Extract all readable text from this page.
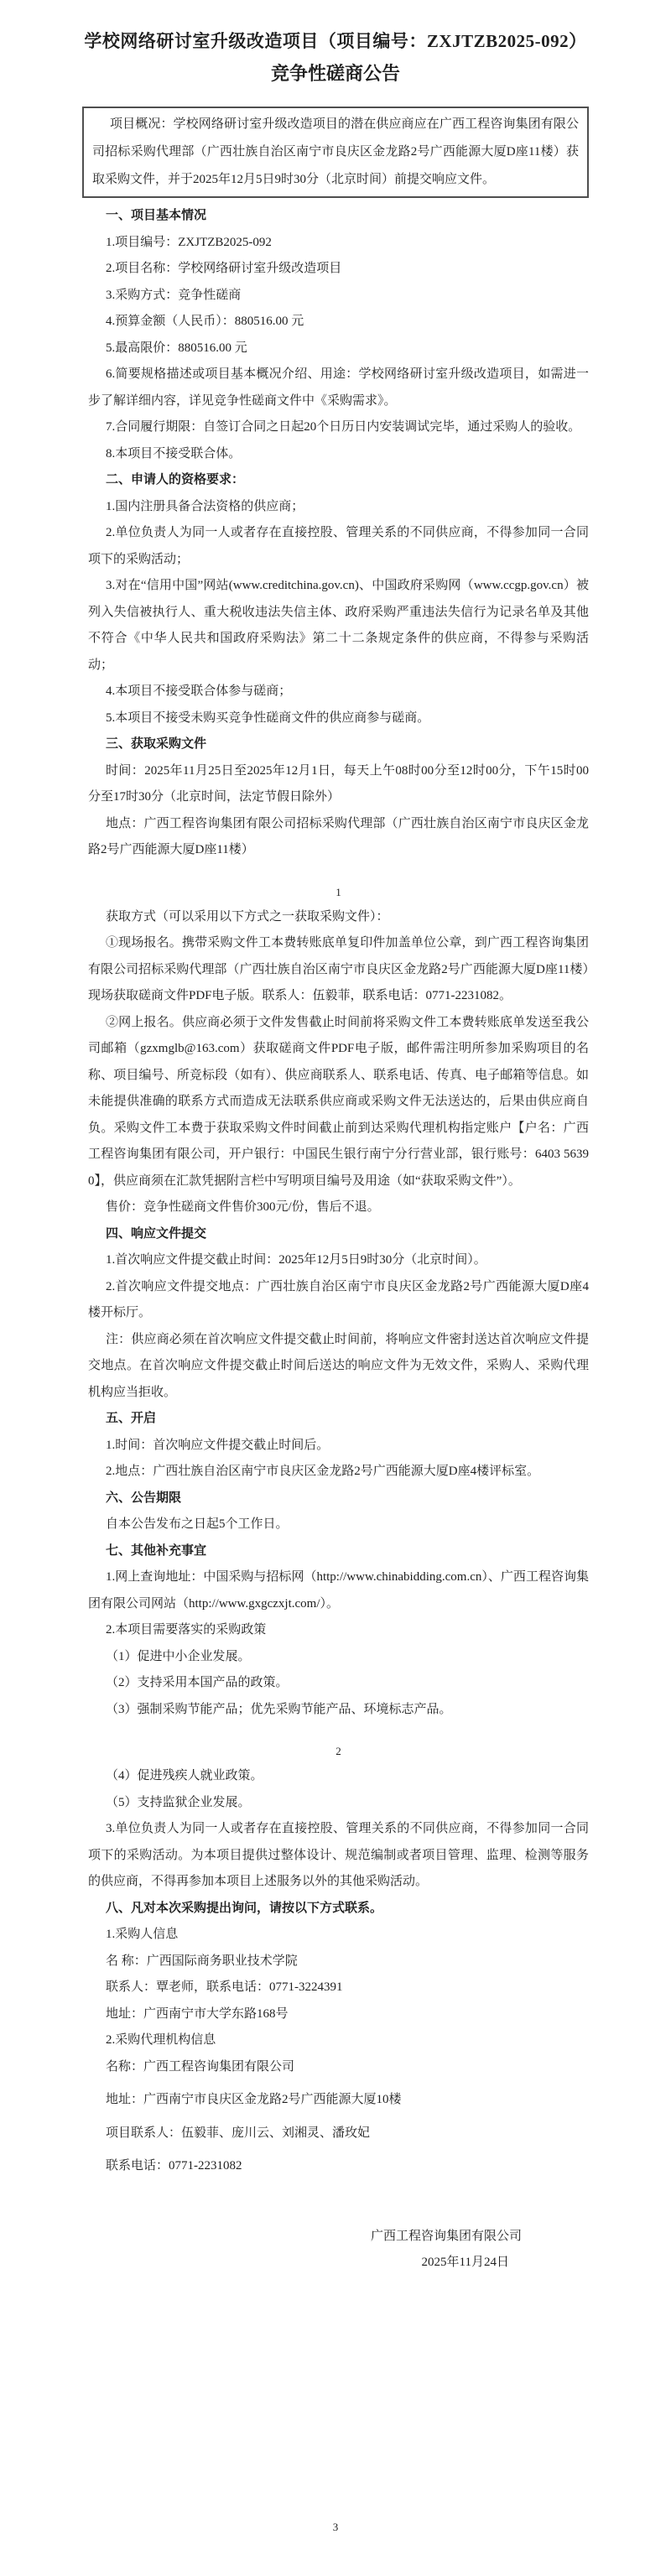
学校网络研讨室升级改造项目（项目编号：ZXJTZB2025-092）
竞争性磋商公告
项目概况：学校网络研讨室升级改造项目的潜在供应商应在广西工程咨询集团有限公司招标采购代理部（广西壮族自治区南宁市良庆区金龙路2号广西能源大厦D座11楼）获取采购文件，并于2025年12月5日9时30分（北京时间）前提交响应文件。
一、项目基本情况
1.项目编号：ZXJTZB2025-092
2.项目名称：学校网络研讨室升级改造项目
3.采购方式：竞争性磋商
4.预算金额（人民币）：880516.00 元
5.最高限价：880516.00 元
6.简要规格描述或项目基本概况介绍、用途：学校网络研讨室升级改造项目，如需进一步了解详细内容，详见竞争性磋商文件中《采购需求》。
7.合同履行期限：自签订合同之日起20个日历日内安装调试完毕，通过采购人的验收。
8.本项目不接受联合体。
二、申请人的资格要求：
1.国内注册具备合法资格的供应商；
2.单位负责人为同一人或者存在直接控股、管理关系的不同供应商，不得参加同一合同项下的采购活动；
3.对在“信用中国”网站(www.creditchina.gov.cn)、中国政府采购网（www.ccgp.gov.cn）被列入失信被执行人、重大税收违法失信主体、政府采购严重违法失信行为记录名单及其他不符合《中华人民共和国政府采购法》第二十二条规定条件的供应商，不得参与采购活动；
4.本项目不接受联合体参与磋商；
5.本项目不接受未购买竞争性磋商文件的供应商参与磋商。
三、获取采购文件
时间：2025年11月25日至2025年12月1日，每天上午08时00分至12时00分，下午15时00分至17时30分（北京时间，法定节假日除外）
地点：广西工程咨询集团有限公司招标采购代理部（广西壮族自治区南宁市良庆区金龙路2号广西能源大厦D座11楼）
1
获取方式（可以采用以下方式之一获取采购文件）：
①现场报名。携带采购文件工本费转账底单复印件加盖单位公章，到广西工程咨询集团有限公司招标采购代理部（广西壮族自治区南宁市良庆区金龙路2号广西能源大厦D座11楼）现场获取磋商文件PDF电子版。联系人：伍毅菲，联系电话：0771-2231082。
②网上报名。供应商必须于文件发售截止时间前将采购文件工本费转账底单发送至我公司邮箱（gzxmglb@163.com）获取磋商文件PDF电子版，邮件需注明所参加采购项目的名称、项目编号、所竞标段（如有）、供应商联系人、联系电话、传真、电子邮箱等信息。如未能提供准确的联系方式而造成无法联系供应商或采购文件无法送达的，后果由供应商自负。采购文件工本费于获取采购文件时间截止前到达采购代理机构指定账户【户名：广西工程咨询集团有限公司，开户银行：中国民生银行南宁分行营业部，银行账号：6403 5639 0】，供应商须在汇款凭据附言栏中写明项目编号及用途（如“获取采购文件”）。
售价：竞争性磋商文件售价300元/份，售后不退。
四、响应文件提交
1.首次响应文件提交截止时间：2025年12月5日9时30分（北京时间）。
2.首次响应文件提交地点：广西壮族自治区南宁市良庆区金龙路2号广西能源大厦D座4楼开标厅。
注：供应商必须在首次响应文件提交截止时间前，将响应文件密封送达首次响应文件提交地点。在首次响应文件提交截止时间后送达的响应文件为无效文件，采购人、采购代理机构应当拒收。
五、开启
1.时间：首次响应文件提交截止时间后。
2.地点：广西壮族自治区南宁市良庆区金龙路2号广西能源大厦D座4楼评标室。
六、公告期限
自本公告发布之日起5个工作日。
七、其他补充事宜
1.网上查询地址：中国采购与招标网（http://www.chinabidding.com.cn）、广西工程咨询集团有限公司网站（http://www.gxgczxjt.com/）。
2.本项目需要落实的采购政策
（1）促进中小企业发展。
（2）支持采用本国产品的政策。
（3）强制采购节能产品；优先采购节能产品、环境标志产品。
2
（4）促进残疾人就业政策。
（5）支持监狱企业发展。
3.单位负责人为同一人或者存在直接控股、管理关系的不同供应商，不得参加同一合同项下的采购活动。为本项目提供过整体设计、规范编制或者项目管理、监理、检测等服务的供应商，不得再参加本项目上述服务以外的其他采购活动。
八、凡对本次采购提出询问，请按以下方式联系。
1.采购人信息
名 称：广西国际商务职业技术学院
联系人：覃老师，联系电话：0771-3224391
地址：广西南宁市大学东路168号
2.采购代理机构信息
名称：广西工程咨询集团有限公司
地址：广西南宁市良庆区金龙路2号广西能源大厦10楼
项目联系人：伍毅菲、庞川云、刘湘灵、潘玫妃
联系电话：0771-2231082
广西工程咨询集团有限公司
2025年11月24日
3
